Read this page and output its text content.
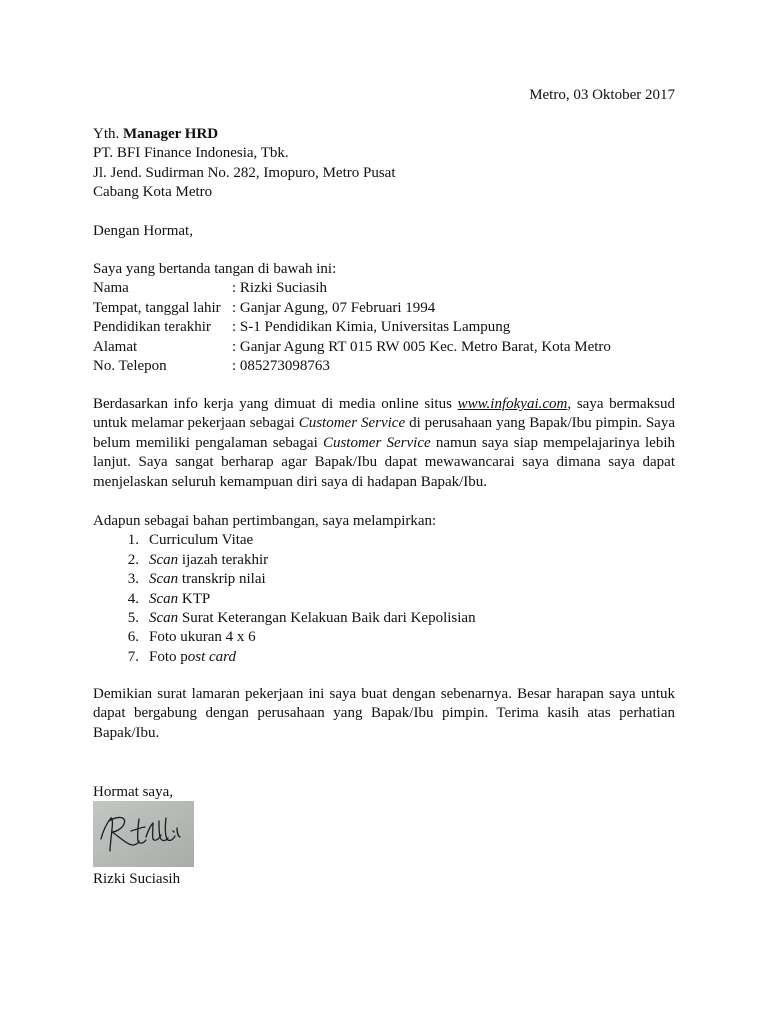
Metro, 03 Oktober 2017
Yth. Manager HRD
PT. BFI Finance Indonesia, Tbk.
Jl. Jend. Sudirman No. 282, Imopuro, Metro Pusat
Cabang Kota Metro
Dengan Hormat,
Saya yang bertanda tangan di bawah ini:
Nama	: Rizki Suciasih
Tempat, tanggal lahir : Ganjar Agung, 07 Februari 1994
Pendidikan terakhir	: S-1 Pendidikan Kimia, Universitas Lampung
Alamat	: Ganjar Agung RT 015 RW 005 Kec. Metro Barat, Kota Metro
No. Telepon	: 085273098763

Berdasarkan info kerja yang dimuat di media online situs www.infokyai.com, saya bermaksud untuk melamar pekerjaan sebagai Customer Service di perusahaan yang Bapak/Ibu pimpin. Saya belum memiliki pengalaman sebagai Customer Service namun saya siap mempelajarinya lebih lanjut. Saya sangat berharap agar Bapak/Ibu dapat mewawancarai saya dimana saya dapat menjelaskan seluruh kemampuan diri saya di hadapan Bapak/Ibu.

Adapun sebagai bahan pertimbangan, saya melampirkan:
1. Curriculum Vitae
2. Scan ijazah terakhir
3. Scan transkrip nilai
4. Scan KTP
5. Scan Surat Keterangan Kelakuan Baik dari Kepolisian
6. Foto ukuran 4 x 6
7. Foto post card

Demikian surat lamaran pekerjaan ini saya buat dengan sebenarnya. Besar harapan saya untuk dapat bergabung dengan perusahaan yang Bapak/Ibu pimpin. Terima kasih atas perhatian Bapak/Ibu.

Hormat saya,
Rizki Suciasih
